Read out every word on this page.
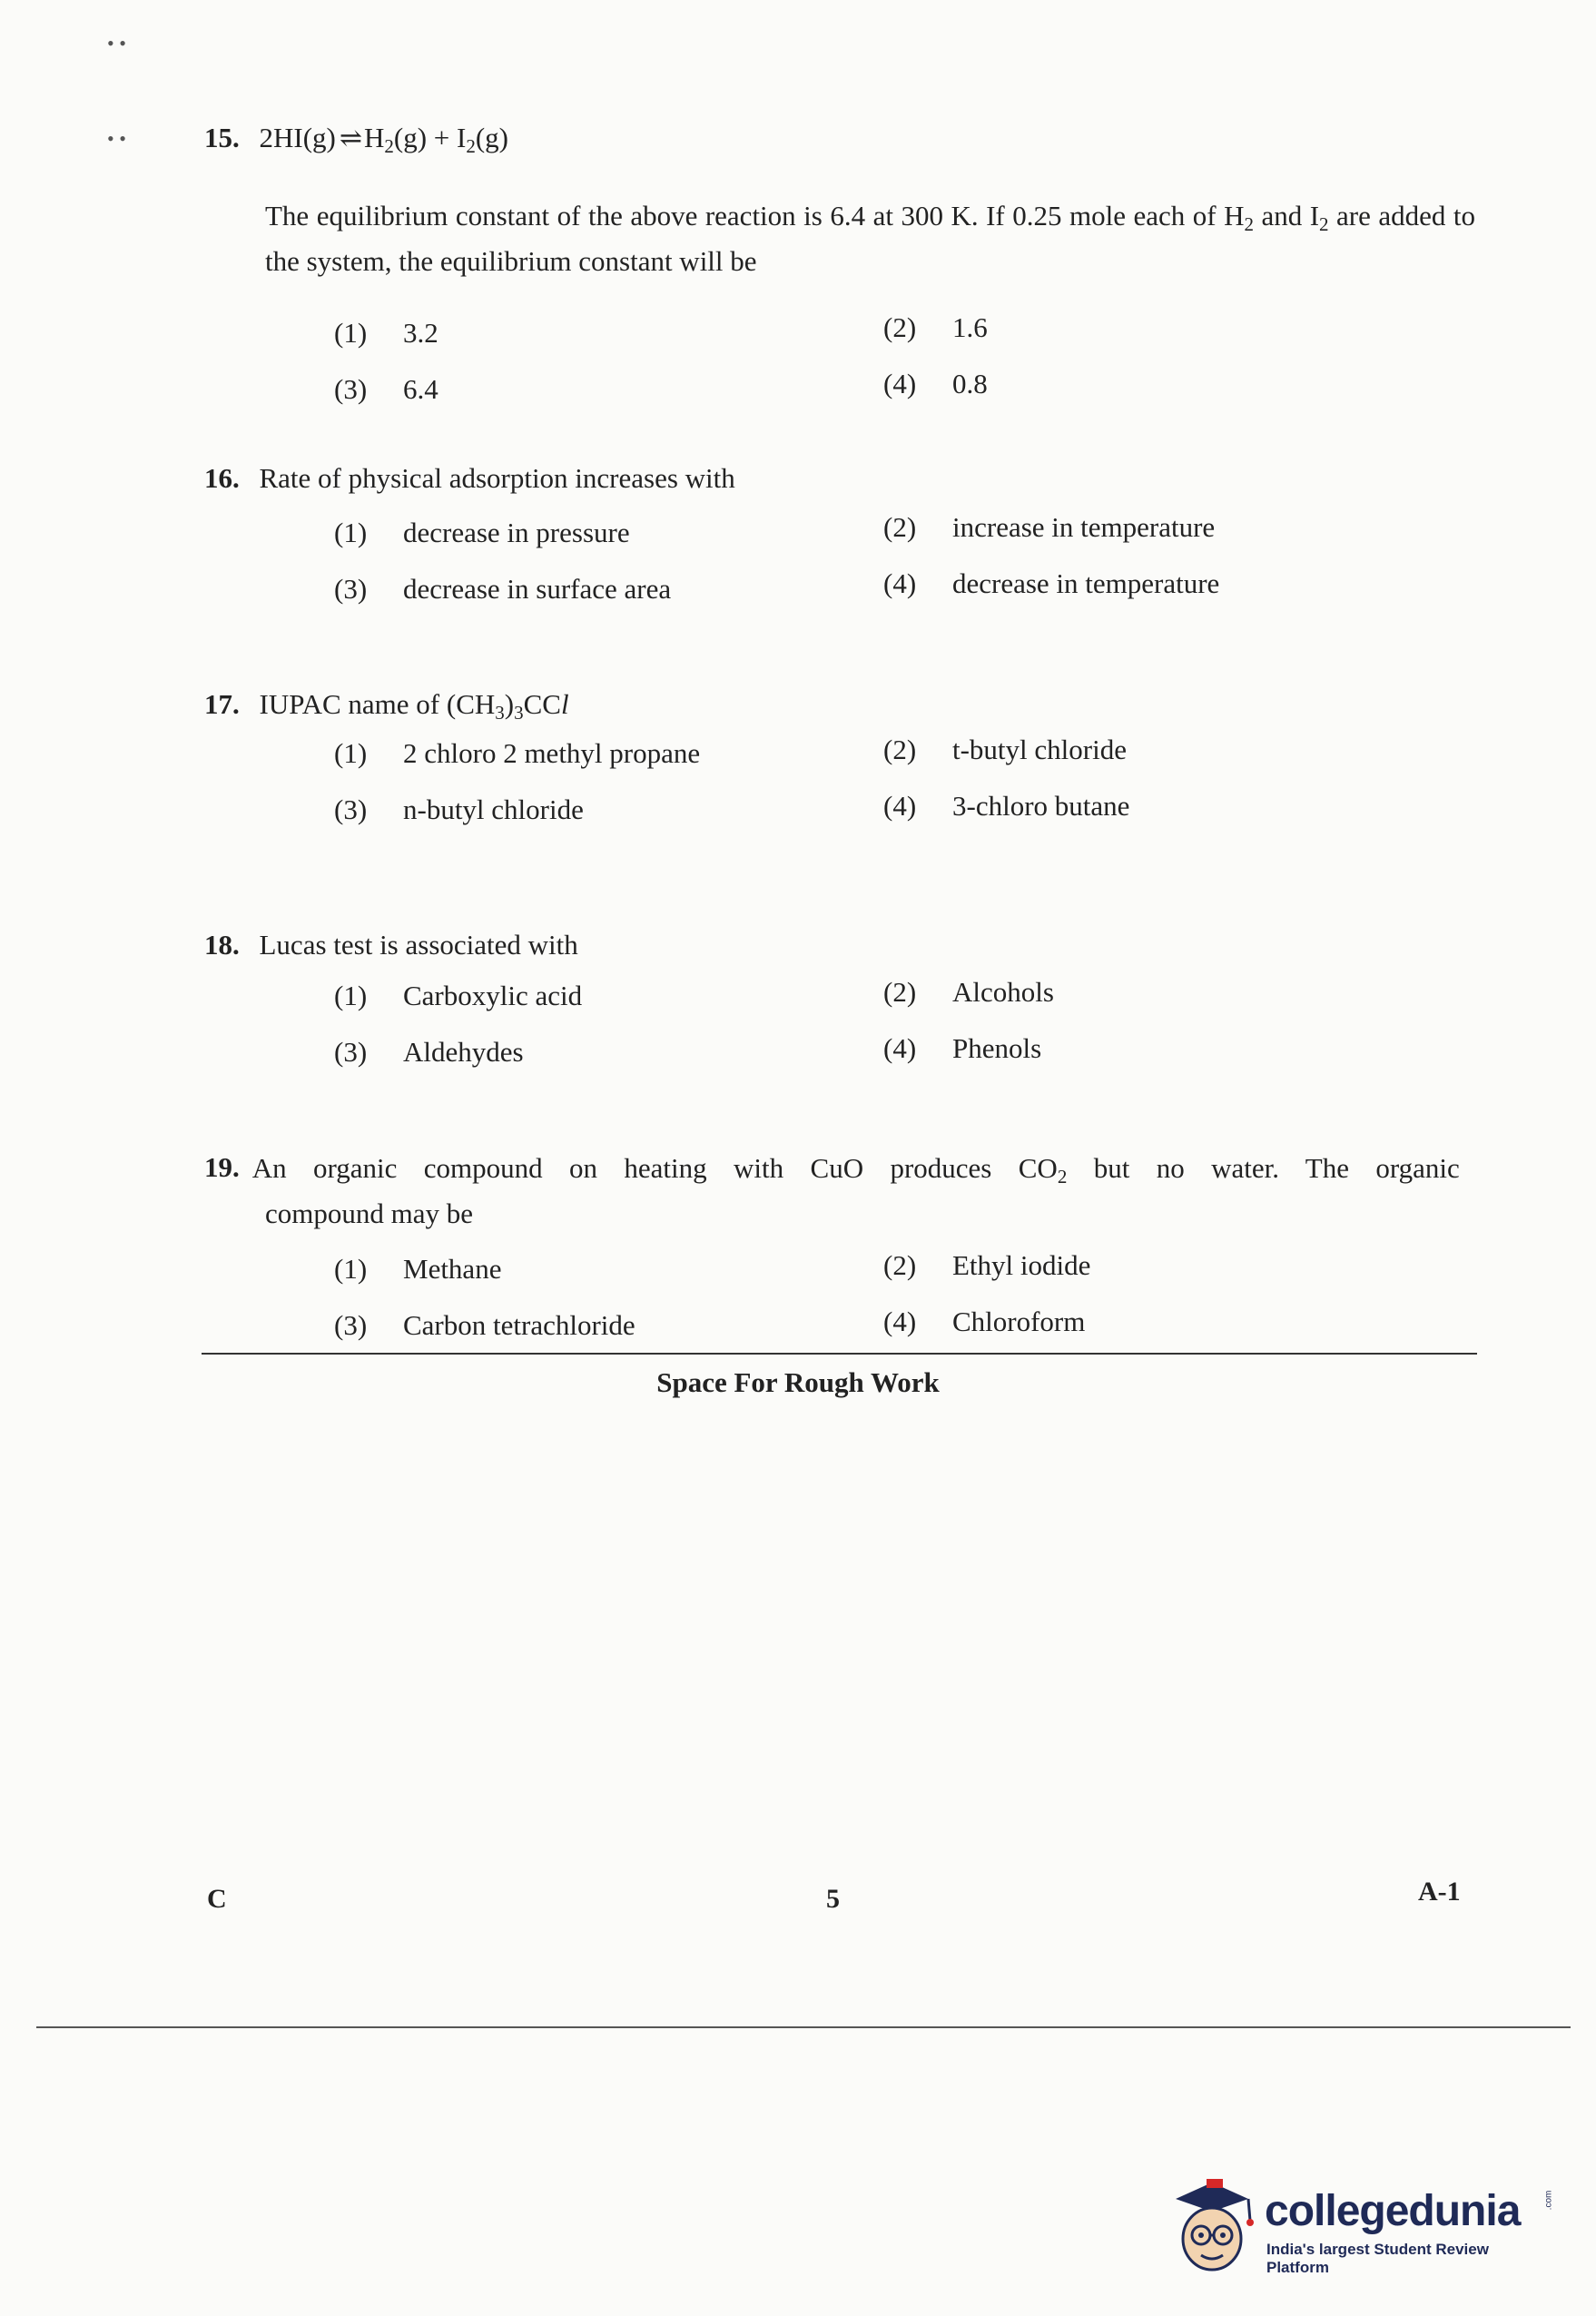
• •
• •	15. 2HI(g) ⇌ $H_2(g) + I_2(g)$
The equilibrium constant of the above reaction is 6.4 at 300 K. If 0.25 mole each of $H_2$ and $I_2$ are added to the system, the equilibrium constant will be
(1) 3.2	(2) 1.6
(3) 6.4	(4) 0.8
16. Rate of physical adsorption increases with
(1) decrease in pressure	(2) increase in temperature
(3) decrease in surface area	(4) decrease in temperature
17. IUPAC name of $(CH_3)_3CCl$
(1) 2 chloro 2 methyl propane	(2) t-butyl chloride
(3) n-butyl chloride	(4) 3-chloro butane
18. Lucas test is associated with
(1) Carboxylic acid	(2) Alcohols
(3) Aldehydes	(4) Phenols
19. An organic compound on heating with CuO produces $CO_2$ but no water. The organic
compound may be
(1) Methane	(2) Ethyl iodide
(3) Carbon tetrachloride	(4) Chloroform
Space For Rough Work
C	5	A-1
collegedunia	.com
India's largest Student Review Platform
